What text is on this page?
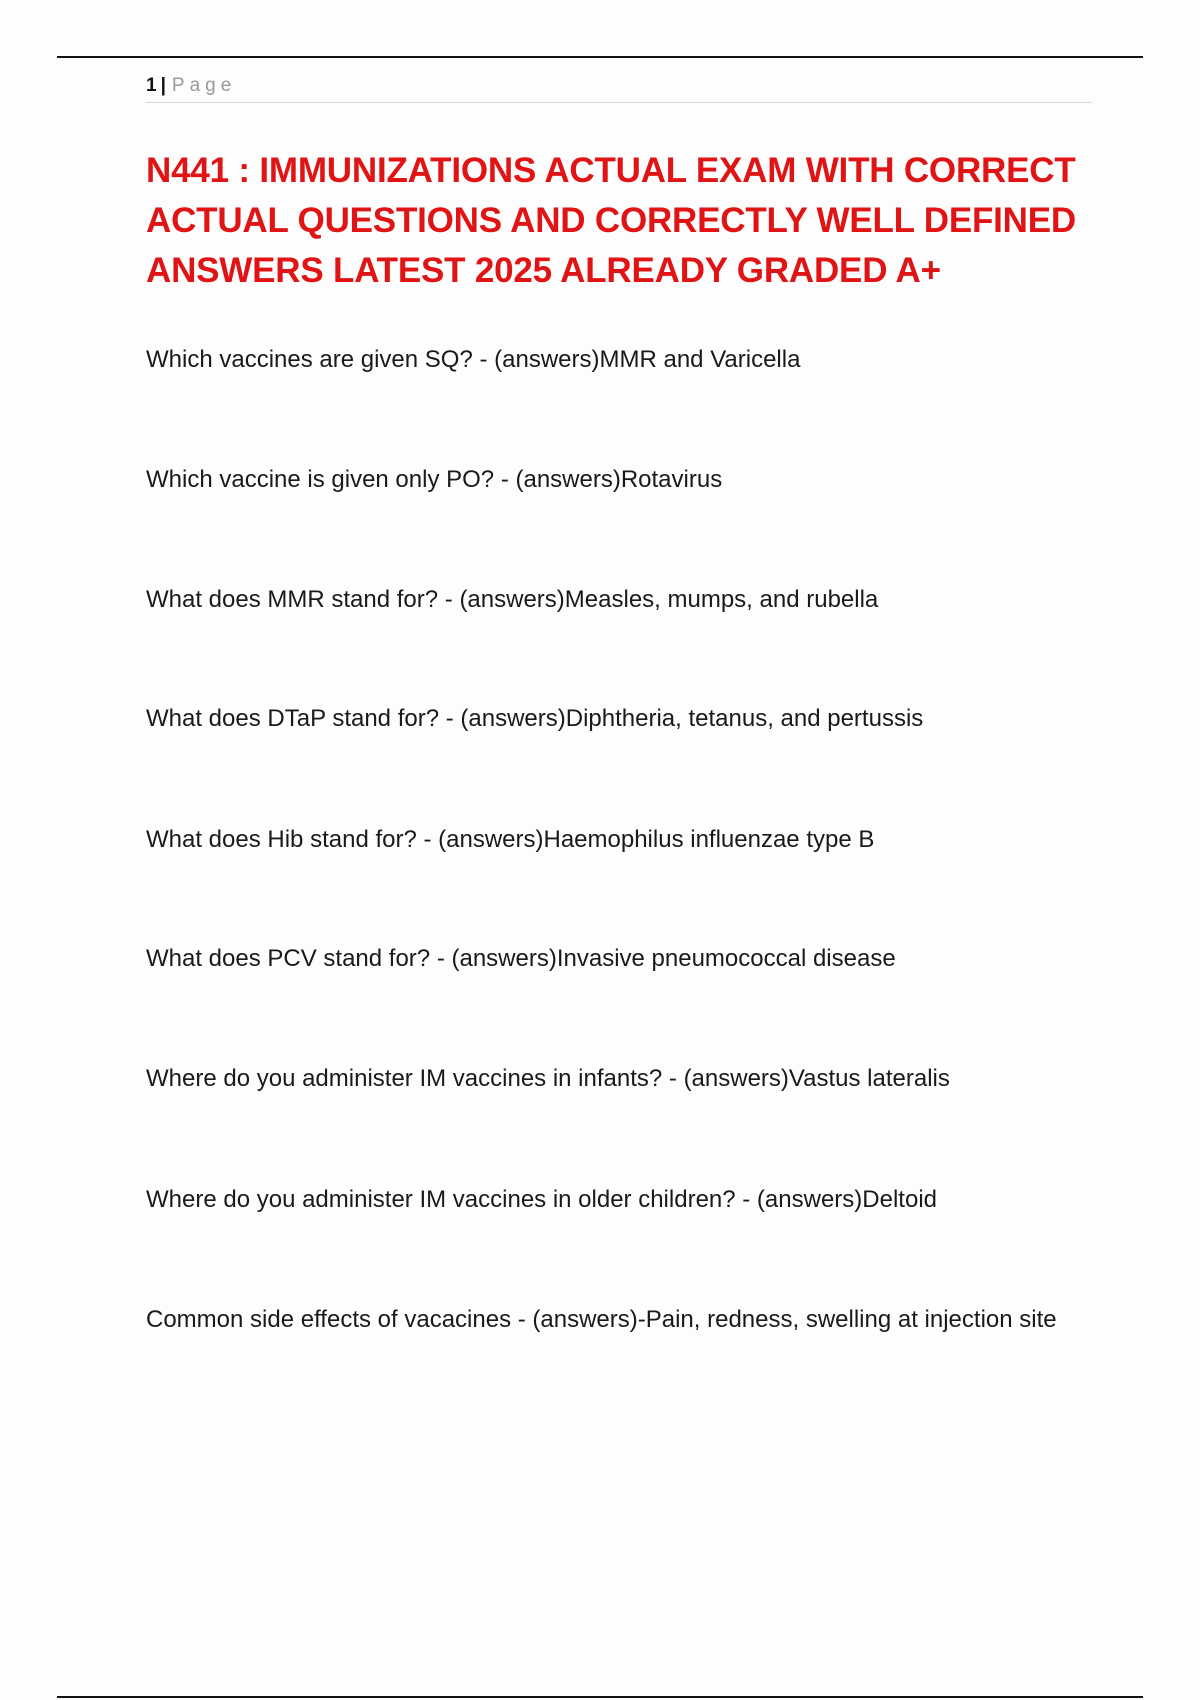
1 | Page
N441 : IMMUNIZATIONS ACTUAL EXAM WITH CORRECT ACTUAL QUESTIONS AND CORRECTLY WELL DEFINED ANSWERS LATEST 2025 ALREADY GRADED A+
Which vaccines are given SQ? - (answers)MMR and Varicella
Which vaccine is given only PO? - (answers)Rotavirus
What does MMR stand for? - (answers)Measles, mumps, and rubella
What does DTaP stand for? - (answers)Diphtheria, tetanus, and pertussis
What does Hib stand for? - (answers)Haemophilus influenzae type B
What does PCV stand for? - (answers)Invasive pneumococcal disease
Where do you administer IM vaccines in infants? - (answers)Vastus lateralis
Where do you administer IM vaccines in older children? - (answers)Deltoid
Common side effects of vacacines - (answers)-Pain, redness, swelling at injection site
